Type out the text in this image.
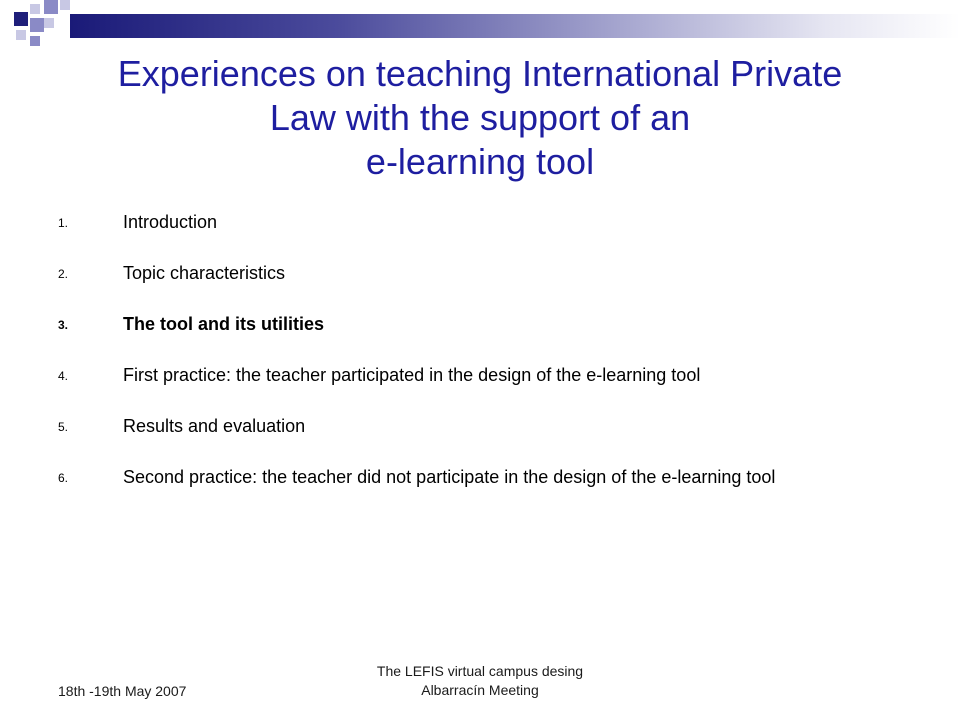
Experiences on teaching International Private
Law with the support of an
e-learning tool
1.	Introduction
2.	Topic characteristics
3.	The tool and its utilities
4.	First practice: the teacher participated in the design of the e-learning tool
5.	Results and evaluation
6.	Second practice: the teacher did not participate in the design of the e-learning tool
18th -19th May 2007
The LEFIS virtual campus desing
Albarracín Meeting
